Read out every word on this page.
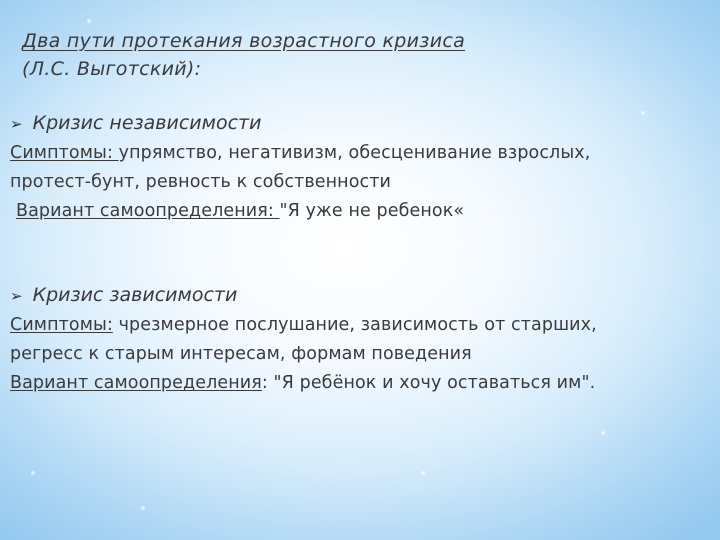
Два пути протекания возрастного кризиса
(Л.С. Выготский):
➢ Кризис независимости
Симптомы: упрямство, негативизм, обесценивание взрослых,
протест-бунт, ревность к собственности
Вариант самоопределения: "Я уже не ребенок«
➢ Кризис зависимости
Симптомы: чрезмерное послушание, зависимость от старших,
регресс к старым интересам, формам поведения
Вариант самоопределения: "Я ребёнок и хочу оставаться им".
